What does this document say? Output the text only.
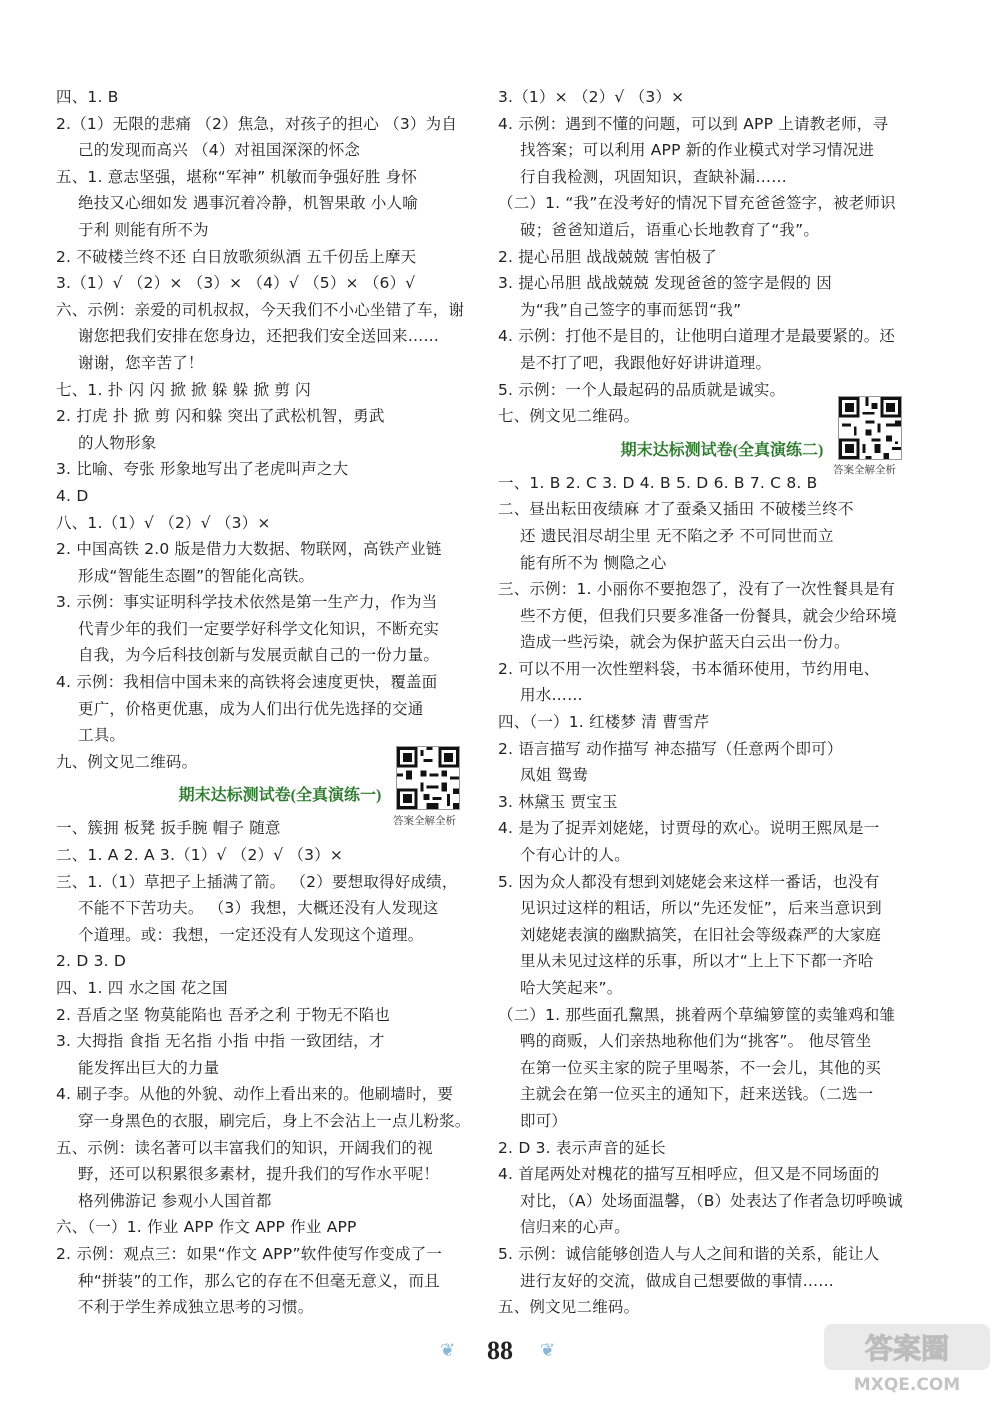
四、1. B
2.（1）无限的悲痛 （2）焦急，对孩子的担心 （3）为自
己的发现而高兴 （4）对祖国深深的怀念
五、1. 意志坚强，堪称“军神” 机敏而争强好胜 身怀
绝技又心细如发 遇事沉着冷静，机智果敢 小人喻
于利 则能有所不为
2. 不破楼兰终不还 白日放歌须纵酒 五千仞岳上摩天
3.（1）√ （2）× （3）× （4）√ （5）× （6）√
六、示例：亲爱的司机叔叔，今天我们不小心坐错了车，谢
谢您把我们安排在您身边，还把我们安全送回来……
谢谢，您辛苦了！
七、1. 扑 闪 闪 掀 掀 躲 躲 掀 剪 闪
2. 打虎 扑 掀 剪 闪和躲 突出了武松机智，勇武
的人物形象
3. 比喻、夸张 形象地写出了老虎叫声之大
4. D
八、1.（1）√ （2）√ （3）×
2. 中国高铁 2.0 版是借力大数据、物联网，高铁产业链
形成“智能生态圈”的智能化高铁。
3. 示例：事实证明科学技术依然是第一生产力，作为当
代青少年的我们一定要学好科学文化知识，不断充实
自我，为今后科技创新与发展贡献自己的一份力量。
4. 示例：我相信中国未来的高铁将会速度更快，覆盖面
更广，价格更优惠，成为人们出行优先选择的交通
工具。
九、例文见二维码。
期末达标测试卷(全真演练一)
一、簇拥 板凳 扳手腕 帽子 随意
二、1. A 2. A 3.（1）√ （2）√ （3）×
三、1.（1）草把子上插满了箭。 （2）要想取得好成绩，
不能不下苦功夫。 （3）我想，大概还没有人发现这
个道理。或：我想，一定还没有人发现这个道理。
2. D 3. D
四、1. 四 水之国 花之国
2. 吾盾之坚 物莫能陷也 吾矛之利 于物无不陷也
3. 大拇指 食指 无名指 小指 中指 一致团结，才
能发挥出巨大的力量
4. 刷子李。从他的外貌、动作上看出来的。他刷墙时，要
穿一身黑色的衣服，刷完后，身上不会沾上一点儿粉浆。
五、示例：读名著可以丰富我们的知识，开阔我们的视
野，还可以积累很多素材，提升我们的写作水平呢！
格列佛游记 参观小人国首都
六、（一）1. 作业 APP 作文 APP 作业 APP
2. 示例：观点三：如果“作文 APP”软件使写作变成了一
种“拼装”的工作，那么它的存在不但毫无意义，而且
不利于学生养成独立思考的习惯。
3.（1）× （2）√ （3）×
4. 示例：遇到不懂的问题，可以到 APP 上请教老师，寻
找答案；可以利用 APP 新的作业模式对学习情况进
行自我检测，巩固知识，查缺补漏……
（二）1. “我”在没考好的情况下冒充爸爸签字，被老师识
破；爸爸知道后，语重心长地教育了“我”。
2. 提心吊胆 战战兢兢 害怕极了
3. 提心吊胆 战战兢兢 发现爸爸的签字是假的 因
为“我”自己签字的事而惩罚“我”
4. 示例：打他不是目的，让他明白道理才是最要紧的。还
是不打了吧，我跟他好好讲讲道理。
5. 示例：一个人最起码的品质就是诚实。
七、例文见二维码。
期末达标测试卷(全真演练二)
一、1. B 2. C 3. D 4. B 5. D 6. B 7. C 8. B
二、昼出耘田夜绩麻 才了蚕桑又插田 不破楼兰终不
还 遗民泪尽胡尘里 无不陷之矛 不可同世而立
能有所不为 恻隐之心
三、示例：1. 小丽你不要抱怨了，没有了一次性餐具是有
些不方便，但我们只要多准备一份餐具，就会少给环境
造成一些污染，就会为保护蓝天白云出一份力。
2. 可以不用一次性塑料袋，书本循环使用，节约用电、
用水……
四、（一）1. 红楼梦 清 曹雪芹
2. 语言描写 动作描写 神态描写（任意两个即可）
凤姐 鸳鸯
3. 林黛玉 贾宝玉
4. 是为了捉弄刘姥姥，讨贾母的欢心。说明王熙凤是一
个有心计的人。
5. 因为众人都没有想到刘姥姥会来这样一番话，也没有
见识过这样的粗话，所以“先还发怔”，后来当意识到
刘姥姥表演的幽默搞笑，在旧社会等级森严的大家庭
里从未见过这样的乐事，所以才“上上下下都一齐哈
哈大笑起来”。
（二）1. 那些面孔黧黑，挑着两个草编箩筐的卖雏鸡和雏
鸭的商贩，人们亲热地称他们为“挑客”。 他尽管坐
在第一位买主家的院子里喝茶，不一会儿，其他的买
主就会在第一位买主的通知下，赶来送钱。（二选一
即可）
2. D 3. 表示声音的延长
4. 首尾两处对槐花的描写互相呼应，但又是不同场面的
对比，（A）处场面温馨，（B）处表达了作者急切呼唤诚
信归来的心声。
5. 示例：诚信能够创造人与人之间和谐的关系，能让人
进行友好的交流，做成自己想要做的事情……
五、例文见二维码。
答案全解全析
答案全解全析
❦	88	❦	答案圈
MXQE.COM
